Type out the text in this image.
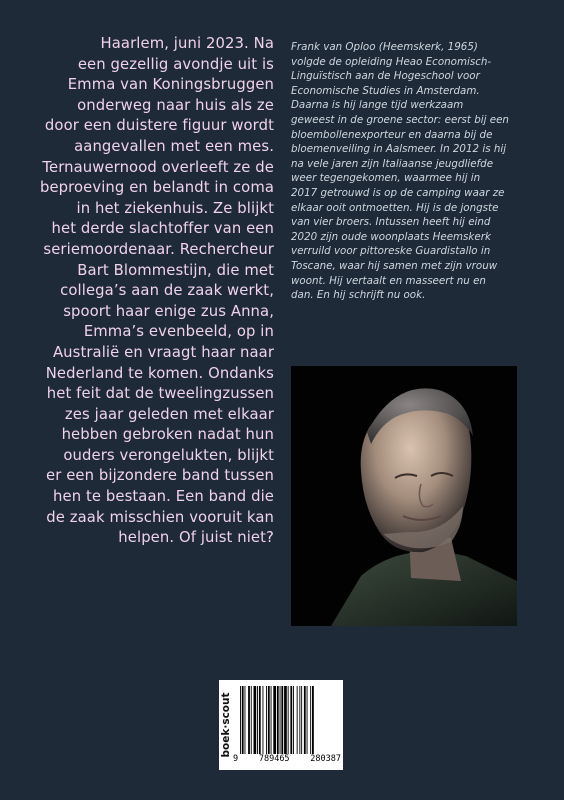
Haarlem, juni 2023. Na

een gezellig avondje uit is

Emma van Koningsbruggen

onderweg naar huis als ze

door een duistere figuur wordt

aangevallen met een mes.

Ternauwernood overleeft ze de

beproeving en belandt in coma

in het ziekenhuis. Ze blijkt

het derde slachtoffer van een

seriemoordenaar. Rechercheur

Bart Blommestijn, die met

collega’s aan de zaak werkt,

spoort haar enige zus Anna,

Emma’s evenbeeld, op in

Australië en vraagt haar naar

Nederland te komen. Ondanks

het feit dat de tweelingzussen

zes jaar geleden met elkaar

hebben gebroken nadat hun

ouders verongelukten, blijkt

er een bijzondere band tussen

hen te bestaan. Een band die

de zaak misschien vooruit kan

helpen. Of juist niet?

Frank van Oploo (Heemskerk, 1965)
volgde de opleiding Heao Economisch-
Linguïstisch aan de Hogeschool voor
Economische Studies in Amsterdam.
Daarna is hij lange tijd werkzaam
geweest in de groene sector: eerst bij een
bloembollenexporteur en daarna bij de
bloemenveiling in Aalsmeer. In 2012 is hij
na vele jaren zijn Italiaanse jeugdliefde
weer tegengekomen, waarmee hij in
2017 getrouwd is op de camping waar ze
elkaar ooit ontmoetten. Hij is de jongste
van vier broers. Intussen heeft hij eind
2020 zijn oude woonplaats Heemskerk
verruild voor pittoreske Guardistallo in
Toscane, waar hij samen met zijn vrouw
woont. Hij vertaalt en masseert nu en
dan. En hij schrijft nu ook.
boek·scout
9 789465 280387
